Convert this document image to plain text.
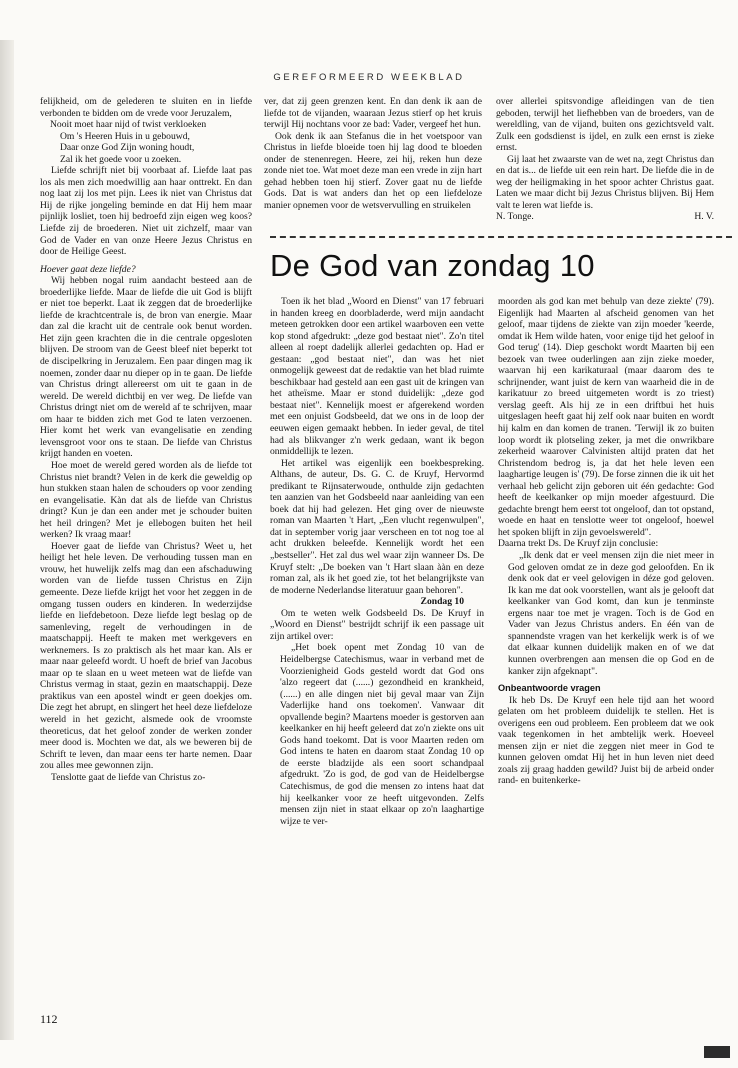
GEREFORMEERD WEEKBLAD

felijkheid, om de gelederen te sluiten en in liefde verbonden te bidden om de vrede voor Jeruzalem,

Nooit moet haar nijd of twist verkloeken
Om 's Heeren Huis in u gebouwd,
Daar onze God Zijn woning houdt,
Zal ik het goede voor u zoeken.

Liefde schrijft niet bij voorbaat af. Liefde laat pas los als men zich moedwillig aan haar onttrekt. En dan nog laat zij los met pijn. Lees ik niet van Christus dat Hij de rijke jongeling beminde en dat Hij hem maar pijnlijk losliet, toen hij bedroefd zijn eigen weg koos? Liefde zij de broederen. Niet uit zichzelf, maar van God de Vader en van onze Heere Jezus Christus en door de Heilige Geest.

Hoever gaat deze liefde?

Wij hebben nogal ruim aandacht besteed aan de broederlijke liefde. Maar de liefde die uit God is blijft er niet toe beperkt. Laat ik zeggen dat de broederlijke liefde de krachtcentrale is, de bron van energie. Maar dan zal die kracht uit de centrale ook benut worden. Het zijn geen krachten die in die centrale opgesloten blijven. De stroom van de Geest bleef niet beperkt tot de discipelkring in Jeruzalem. Een paar dingen mag ik noemen, zonder daar nu dieper op in te gaan. De liefde van Christus dringt allereerst om uit te gaan in de wereld. De wereld dichtbij en ver weg. De liefde van Christus dringt niet om de wereld af te schrijven, maar om haar te bidden zich met God te laten verzoenen. Hier komt het werk van evangelisatie en zending levensgroot voor ons te staan. De liefde van Christus krijgt handen en voeten.

Hoe moet de wereld gered worden als de liefde tot Christus niet brandt? Velen in de kerk die geweldig op hun stukken staan halen de schouders op voor zending en evangelisatie. Kàn dat als de liefde van Christus dringt? Kun je dan een ander met je schouder buiten het heil dringen? Met je ellebogen buiten het heil werken? Ik vraag maar!

Hoever gaat de liefde van Christus? Weet u, het heiligt het hele leven. De verhouding tussen man en vrouw, het huwelijk zelfs mag dan een afschaduwing worden van de liefde tussen Christus en Zijn gemeente. Deze liefde krijgt het voor het zeggen in de omgang tussen ouders en kinderen. In wederzijdse liefde en liefdebetoon. Deze liefde legt beslag op de samenleving, regelt de verhoudingen in de maatschappij. Heeft te maken met werkgevers en werknemers. Is zo praktisch als het maar kan. Als er maar naar geleefd wordt. U hoeft de brief van Jacobus maar op te slaan en u weet meteen wat de liefde van Christus vermag in staat, gezin en maatschappij. Deze praktikus van een apostel windt er geen doekjes om. Die zegt het abrupt, en slingert het heel deze liefdeloze wereld in het gezicht, alsmede ook de vroomste theoreticus, dat het geloof zonder de werken zonder meer dood is. Mochten we dat, als we beweren bij de Schrift te leven, dan maar eens ter harte nemen. Daar zou alles mee gewonnen zijn.

Tenslotte gaat de liefde van Christus zo-

ver, dat zij geen grenzen kent. En dan denk ik aan de liefde tot de vijanden, waaraan Jezus stierf op het kruis terwijl Hij nochtans voor ze bad: Vader, vergeef het hun.

Ook denk ik aan Stefanus die in het voetspoor van Christus in liefde bloeide toen hij lag dood te bloeden onder de stenenregen. Heere, zei hij, reken hun deze zonde niet toe. Wat moet deze man een vrede in zijn hart gehad hebben toen hij stierf. Zover gaat nu de liefde Gods. Dat is wat anders dan het op een liefdeloze manier opnemen voor de wetsvervulling en struikelen

over allerlei spitsvondige afleidingen van de tien geboden, terwijl het liefhebben van de broeders, van de wereldling, van de vijand, buiten ons gezichtsveld valt. Zulk een godsdienst is ijdel, en zulk een ernst is zieke ernst.

Gij laat het zwaarste van de wet na, zegt Christus dan en dat is... de liefde uit een rein hart. De liefde die in de weg der heiligmaking in het spoor achter Christus gaat. Laten we maar dicht bij Jezus Christus blijven. Bij Hem valt te leren wat liefde is.

N. Tonge.	H. V.
De God van zondag 10

Toen ik het blad „Woord en Dienst" van 17 februari in handen kreeg en doorbladerde, werd mijn aandacht meteen getrokken door een artikel waarboven een vette kop stond afgedrukt: „deze god bestaat niet". Zo'n titel alleen al roept dadelijk allerlei gedachten op. Had er gestaan: „god bestaat niet", dan was het niet onmogelijk geweest dat de redaktie van het blad ruimte beschikbaar had gesteld aan een gast uit de kringen van het atheïsme. Maar er stond duidelijk: „deze god bestaat niet". Kennelijk moest er afgerekend worden met een onjuist Godsbeeld, dat we ons in de loop der eeuwen eigen gemaakt hebben. In ieder geval, de titel had als blikvanger z'n werk gedaan, want ik begon onmiddellijk te lezen.

Het artikel was eigenlijk een boekbespreking. Althans, de auteur, Ds. G. C. de Kruyf, Hervormd predikant te Rijnsaterwoude, onthulde zijn gedachten ten aanzien van het Godsbeeld naar aanleiding van een boek dat hij had gelezen. Het ging over de nieuwste roman van Maarten 't Hart, „Een vlucht regenwulpen", dat in september vorig jaar verscheen en tot nog toe al acht drukken beleefde. Kennelijk wordt het een „bestseller". Het zal dus wel waar zijn wanneer Ds. De Kruyf stelt: „De boeken van 't Hart slaan ààn en deze roman zal, als ik het goed zie, tot het belangrijkste van de moderne Nederlandse literatuur gaan behoren".

Zondag 10

Om te weten welk Godsbeeld Ds. De Kruyf in „Woord en Dienst" bestrijdt schrijf ik een passage uit zijn artikel over:

„Het boek opent met Zondag 10 van de Heidelbergse Catechismus, waar in verband met de Voorzienigheid Gods gesteld wordt dat God ons 'alzo regeert dat (......) gezondheid en krankheid, (......) en alle dingen niet bij geval maar van Zijn Vaderlijke hand ons toekomen'. Vanwaar dit opvallende begin? Maartens moeder is gestorven aan keelkanker en hij heeft geleerd dat zo'n ziekte ons uit Gods hand toekomt. Dat is voor Maarten reden om God intens te haten en daarom staat Zondag 10 op de eerste bladzijde als een soort schandpaal afgedrukt. 'Zo is god, de god van de Heidelbergse Catechismus, de god die mensen zo intens haat dat hij keelkanker voor ze heeft uitgevonden. Zelfs mensen zijn niet in staat elkaar op zo'n laaghartige wijze te ver-

moorden als god kan met behulp van deze ziekte' (79). Eigenlijk had Maarten al afscheid genomen van het geloof, maar tijdens de ziekte van zijn moeder 'keerde, omdat ik Hem wilde haten, voor enige tijd het geloof in God terug' (14). Diep geschokt wordt Maarten bij een bezoek van twee ouderlingen aan zijn zieke moeder, waarvan hij een karikaturaal (maar daarom des te schrijnender, want juist de kern van waarheid die in de karikatuur zo breed uitgemeten wordt is zo triest) verslag geeft. Als hij ze in een driftbui het huis uitgeslagen heeft gaat hij zelf ook naar buiten en wordt hij kalm en dan komen de tranen. 'Terwijl ik zo buiten loop wordt ik plotseling zeker, ja met die onwrikbare zekerheid waarover Calvinisten altijd praten dat het Christendom bedrog is, ja dat het hele leven een laaghartige leugen is' (79). De forse zinnen die ik uit het verhaal heb gelicht zijn geboren uit één gedachte: God heeft de keelkanker op mijn moeder afgestuurd. Die gedachte brengt hem eerst tot ongeloof, dan tot opstand, woede en haat en tenslotte weer tot ongeloof, hoewel het spoken blijft in zijn gevoelswereld".

Daarna trekt Ds. De Kruyf zijn conclusie:

„Ik denk dat er veel mensen zijn die niet meer in God geloven omdat ze in deze god geloofden. En ik denk ook dat er veel gelovigen in déze god geloven. Ik kan me dat ook voorstellen, want als je gelooft dat keelkanker van God komt, dan kun je tenminste ergens naar toe met je vragen. Toch is de God en Vader van Jezus Christus anders. En één van de spannendste vragen van het kerkelijk werk is of we dat elkaar kunnen duidelijk maken en of we dat kunnen overbrengen aan mensen die op God en de kanker zijn afgeknapt".

Onbeantwoorde vragen

Ik heb Ds. De Kruyf een hele tijd aan het woord gelaten om het probleem duidelijk te stellen. Het is overigens een oud probleem. Een probleem dat we ook vaak tegenkomen in het ambtelijk werk. Hoeveel mensen zijn er niet die zeggen niet meer in God te kunnen geloven omdat Hij het in hun leven niet deed zoals zij graag hadden gewild? Juist bij de arbeid onder rand- en buitenkerke-

112
